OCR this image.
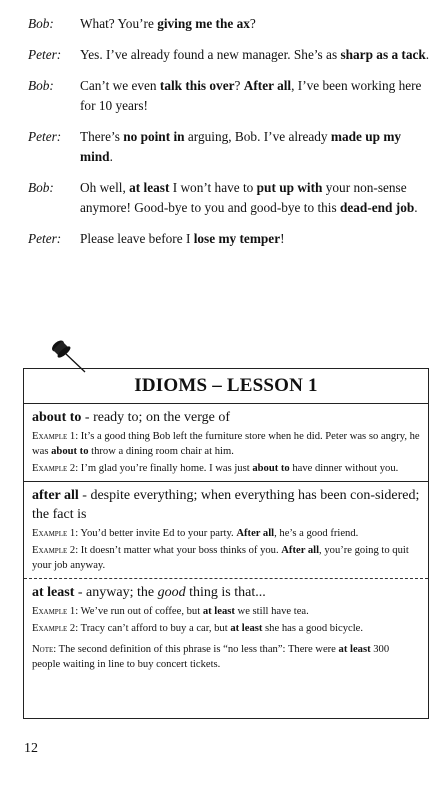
Bob:	What? You’re giving me the ax?
Peter:	Yes. I’ve already found a new manager. She’s as sharp as a tack.
Bob:	Can’t we even talk this over? After all, I’ve been working here for 10 years!
Peter:	There’s no point in arguing, Bob. I’ve already made up my mind.
Bob:	Oh well, at least I won’t have to put up with your non-sense anymore! Good-bye to you and good-bye to this dead-end job.
Peter:	Please leave before I lose my temper!
IDIOMS – LESSON 1
about to - ready to; on the verge of
Example 1: It’s a good thing Bob left the furniture store when he did. Peter was so angry, he was about to throw a dining room chair at him.
Example 2: I’m glad you’re finally home. I was just about to have dinner without you.
after all - despite everything; when everything has been con-sidered; the fact is
Example 1: You’d better invite Ed to your party. After all, he’s a good friend.
Example 2: It doesn’t matter what your boss thinks of you. After all, you’re going to quit your job anyway.
at least - anyway; the good thing is that...
Example 1: We’ve run out of coffee, but at least we still have tea.
Example 2: Tracy can’t afford to buy a car, but at least she has a good bicycle.
Note: The second definition of this phrase is “no less than”: There were at least 300 people waiting in line to buy concert tickets.
12
